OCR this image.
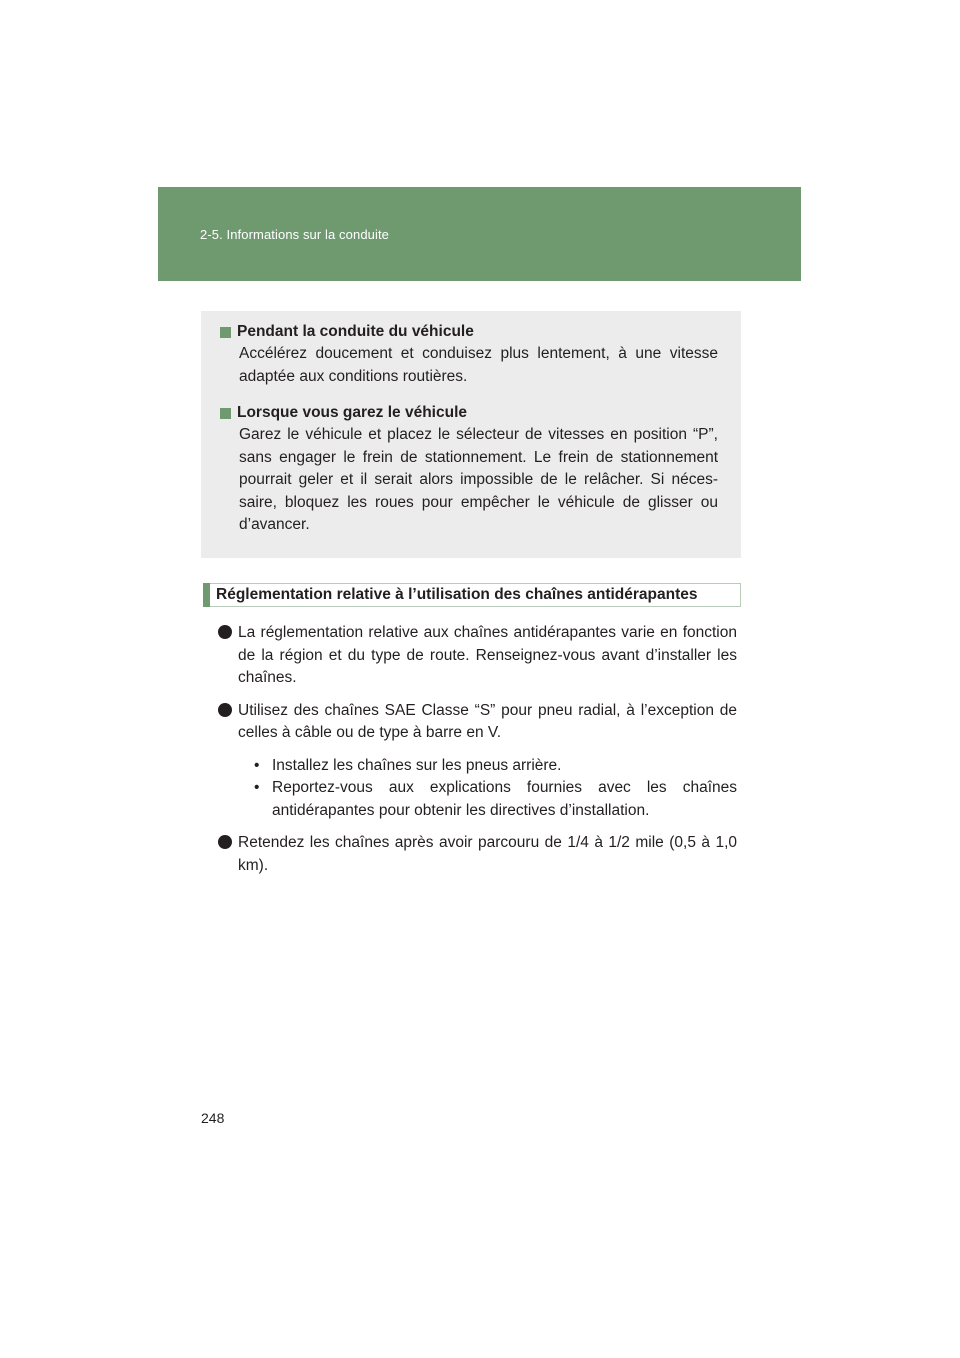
2-5. Informations sur la conduite
Pendant la conduite du véhicule
Accélérez doucement et conduisez plus lentement, à une vitesse adaptée aux conditions routières.
Lorsque vous garez le véhicule
Garez le véhicule et placez le sélecteur de vitesses en position “P”, sans engager le frein de stationnement. Le frein de stationnement pourrait geler et il serait alors impossible de le relâcher. Si néces-saire, bloquez les roues pour empêcher le véhicule de glisser ou d’avancer.
Réglementation relative à l’utilisation des chaînes antidérapantes
La réglementation relative aux chaînes antidérapantes varie en fonction de la région et du type de route. Renseignez-vous avant d’installer les chaînes.
Utilisez des chaînes SAE Classe “S” pour pneu radial, à l’exception de celles à câble ou de type à barre en V.
• Installez les chaînes sur les pneus arrière.
• Reportez-vous aux explications fournies avec les chaînes antidérapantes pour obtenir les directives d’installation.
Retendez les chaînes après avoir parcouru de 1/4 à 1/2 mile (0,5 à 1,0 km).
248
